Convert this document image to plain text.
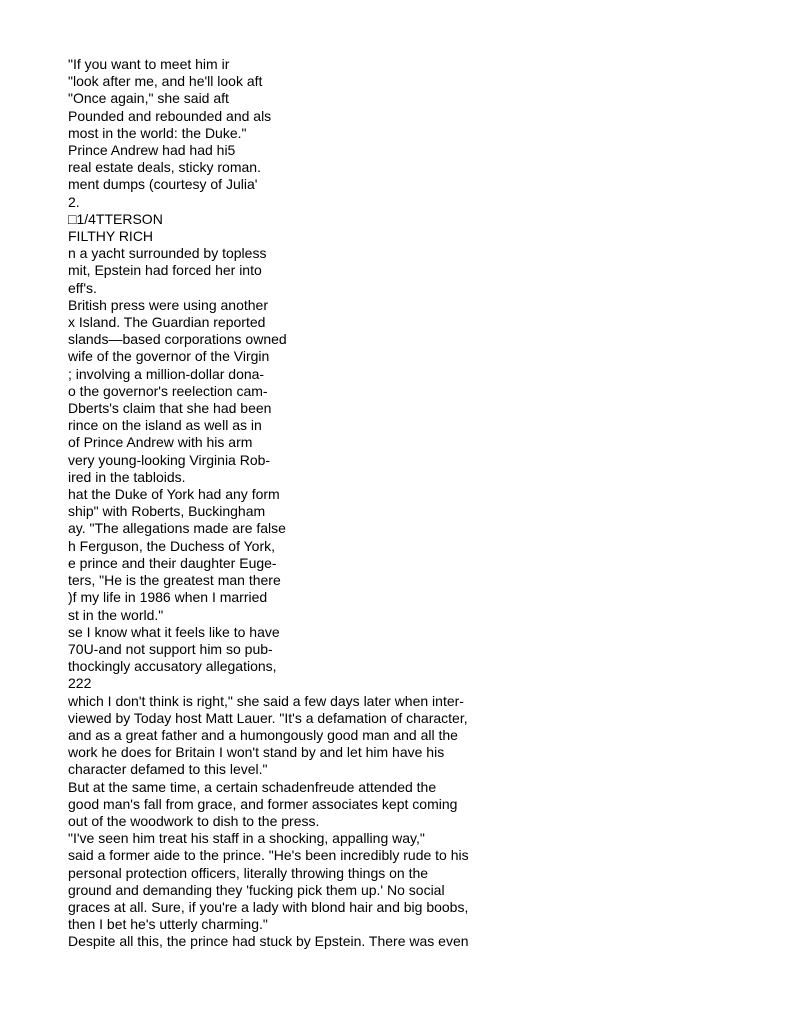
"If you want to meet him ir
"look after me, and he'll look aft
"Once again," she said aft
Pounded and rebounded and als
most in the world: the Duke."
Prince Andrew had had hi5
real estate deals, sticky roman.
ment dumps (courtesy of Julia'
2.
□1/4TTERSON
FILTHY RICH
n a yacht surrounded by topless
mit, Epstein had forced her into
eff's.
British press were using another
x Island. The Guardian reported
slands—based corporations owned
wife of the governor of the Virgin
; involving a million-dollar dona-
o the governor's reelection cam-
Dberts's claim that she had been
rince on the island as well as in
of Prince Andrew with his arm
very young-looking Virginia Rob-
ired in the tabloids.
hat the Duke of York had any form
ship" with Roberts, Buckingham
ay. "The allegations made are false
h Ferguson, the Duchess of York,
e prince and their daughter Euge-
ters, "He is the greatest man there
)f my life in 1986 when I married
st in the world."
se I know what it feels like to have
70U-and not support him so pub-
thockingly accusatory allegations,
222
which I don't think is right," she said a few days later when inter-
viewed by Today host Matt Lauer. "It's a defamation of character,
and as a great father and a humongously good man and all the
work he does for Britain I won't stand by and let him have his
character defamed to this level."
But at the same time, a certain schadenfreude attended the
good man's fall from grace, and former associates kept coming
out of the woodwork to dish to the press.
"I've seen him treat his staff in a shocking, appalling way,"
said a former aide to the prince. "He's been incredibly rude to his
personal protection officers, literally throwing things on the
ground and demanding they 'fucking pick them up.' No social
graces at all. Sure, if you're a lady with blond hair and big boobs,
then I bet he's utterly charming."
Despite all this, the prince had stuck by Epstein. There was even
